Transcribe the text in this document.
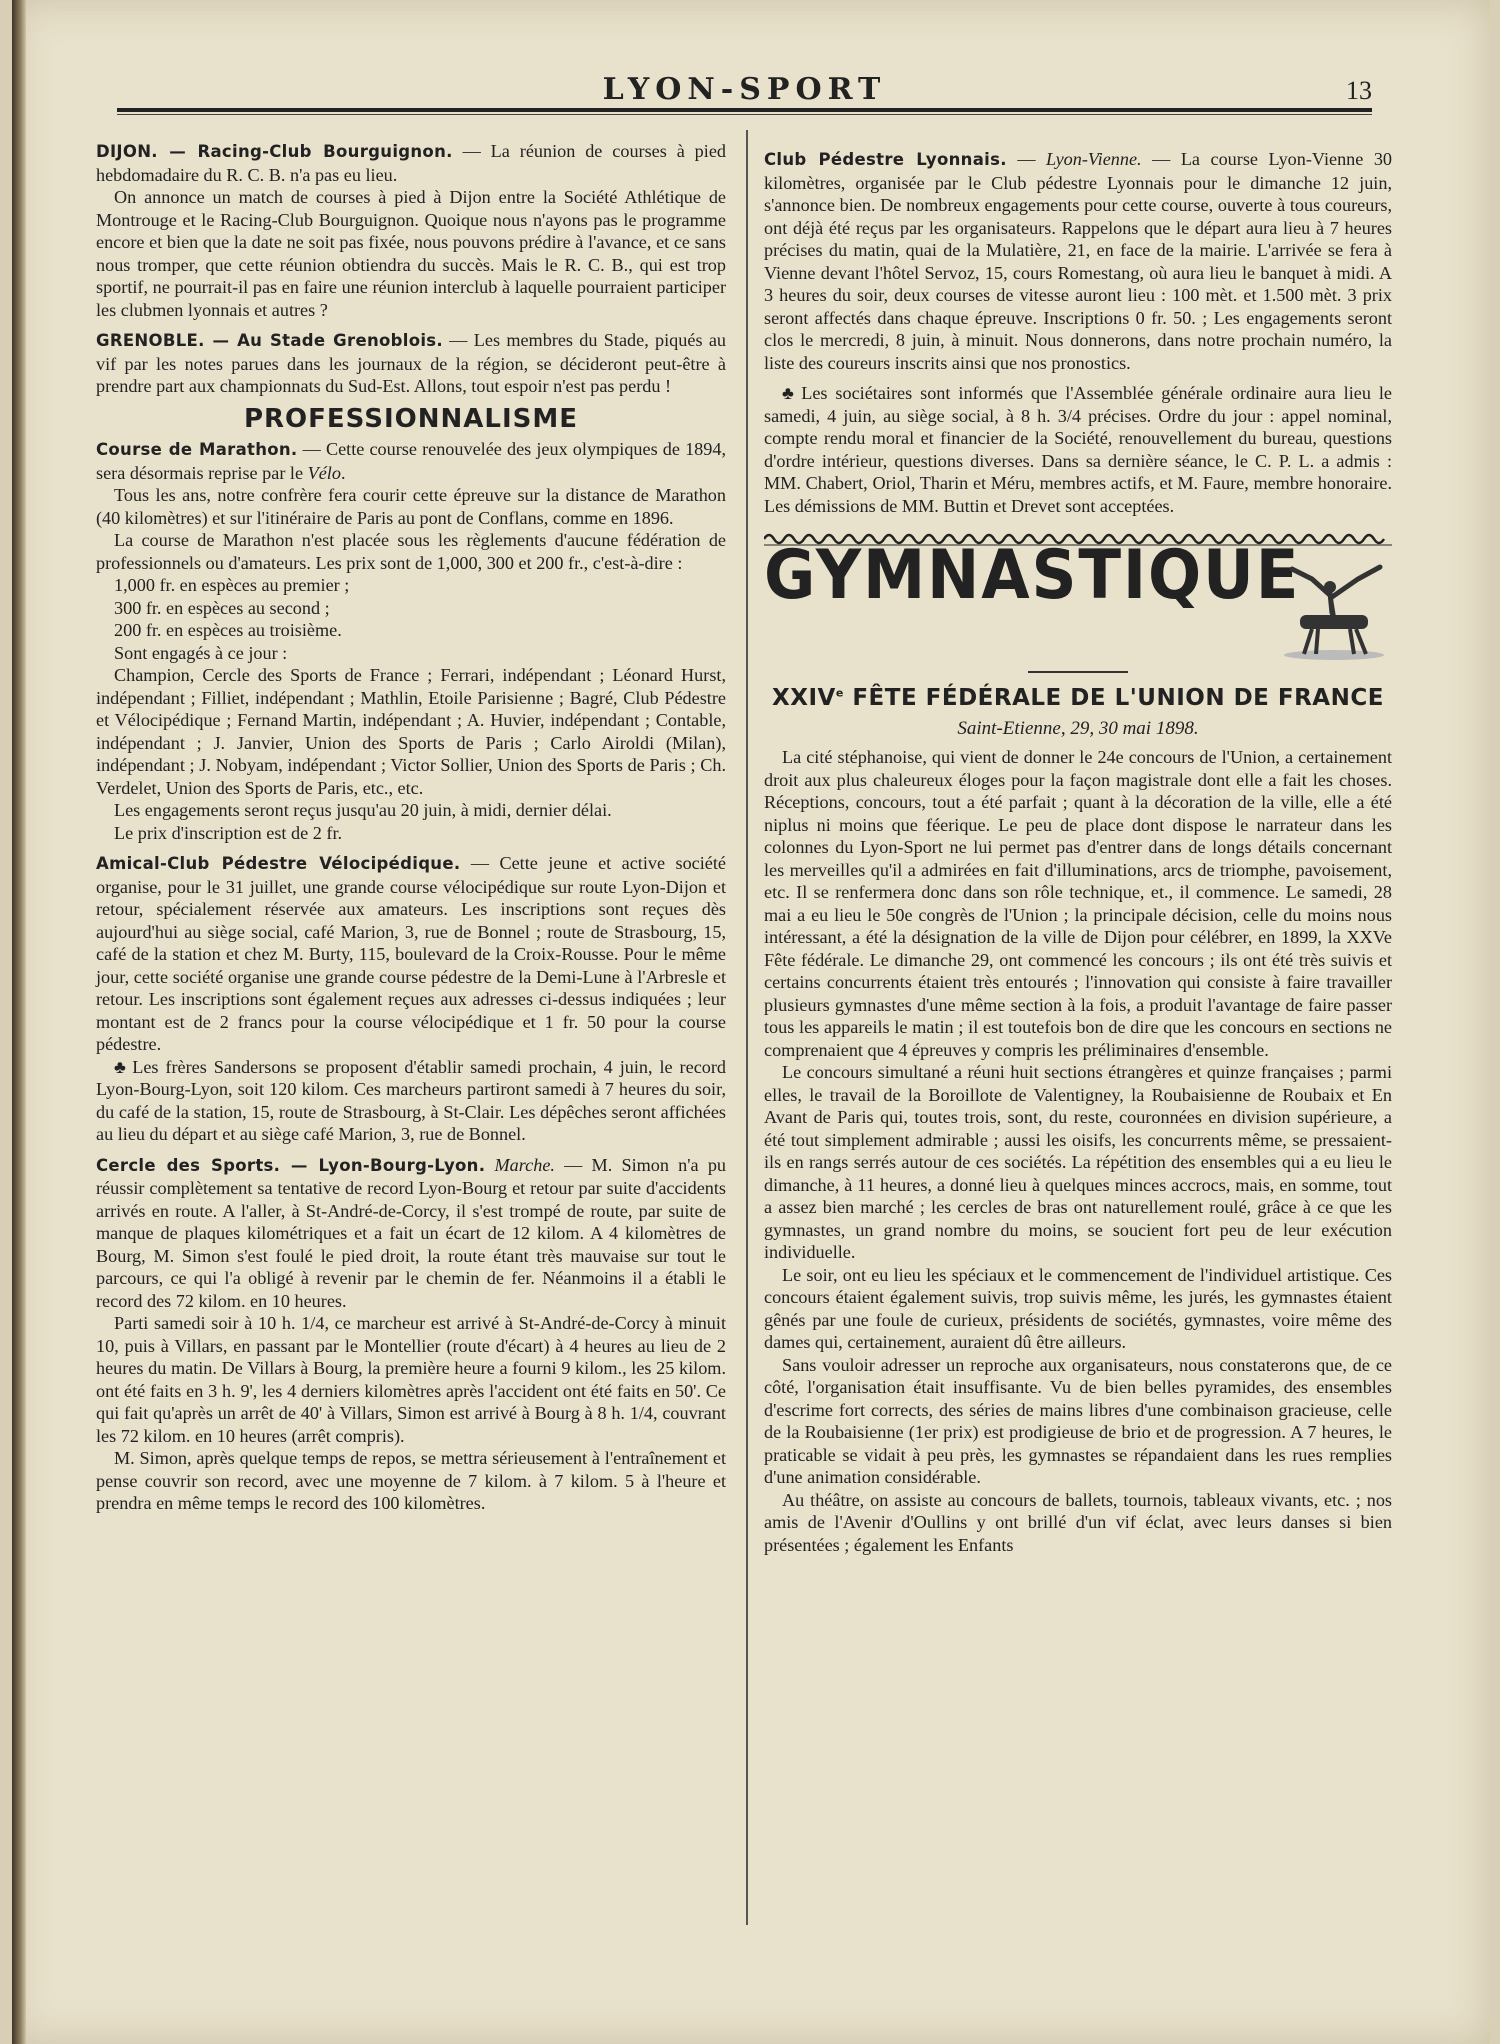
LYON-SPORT	13

DIJON. — Racing-Club Bourguignon. — La réunion de courses à pied hebdomadaire du R. C. B. n'a pas eu lieu.

On annonce un match de courses à pied à Dijon entre la Société Athlétique de Montrouge et le Racing-Club Bourguignon. Quoique nous n'ayons pas le programme encore et bien que la date ne soit pas fixée, nous pouvons prédire à l'avance, et ce sans nous tromper, que cette réunion obtiendra du succès. Mais le R. C. B., qui est trop sportif, ne pourrait-il pas en faire une réunion interclub à laquelle pourraient participer les clubmen lyonnais et autres ?

GRENOBLE. — Au Stade Grenoblois. — Les membres du Stade, piqués au vif par les notes parues dans les journaux de la région, se décideront peut-être à prendre part aux championnats du Sud-Est. Allons, tout espoir n'est pas perdu !

PROFESSIONNALISME

Course de Marathon. — Cette course renouvelée des jeux olympiques de 1894, sera désormais reprise par le Vélo.

Tous les ans, notre confrère fera courir cette épreuve sur la distance de Marathon (40 kilomètres) et sur l'itinéraire de Paris au pont de Conflans, comme en 1896.

La course de Marathon n'est placée sous les règlements d'aucune fédération de professionnels ou d'amateurs. Les prix sont de 1,000, 300 et 200 fr., c'est-à-dire :

1,000 fr. en espèces au premier ;

300 fr. en espèces au second ;

200 fr. en espèces au troisième.

Sont engagés à ce jour :

Champion, Cercle des Sports de France ; Ferrari, indépendant ; Léonard Hurst, indépendant ; Filliet, indépendant ; Mathlin, Etoile Parisienne ; Bagré, Club Pédestre et Vélocipédique ; Fernand Martin, indépendant ; A. Huvier, indépendant ; Contable, indépendant ; J. Janvier, Union des Sports de Paris ; Carlo Airoldi (Milan), indépendant ; J. Nobyam, indépendant ; Victor Sollier, Union des Sports de Paris ; Ch. Verdelet, Union des Sports de Paris, etc., etc.

Les engagements seront reçus jusqu'au 20 juin, à midi, dernier délai.

Le prix d'inscription est de 2 fr.

Amical-Club Pédestre Vélocipédique. — Cette jeune et active société organise, pour le 31 juillet, une grande course vélocipédique sur route Lyon-Dijon et retour, spécialement réservée aux amateurs. Les inscriptions sont reçues dès aujourd'hui au siège social, café Marion, 3, rue de Bonnel ; route de Strasbourg, 15, café de la station et chez M. Burty, 115, boulevard de la Croix-Rousse. Pour le même jour, cette société organise une grande course pédestre de la Demi-Lune à l'Arbresle et retour. Les inscriptions sont également reçues aux adresses ci-dessus indiquées ; leur montant est de 2 francs pour la course vélocipédique et 1 fr. 50 pour la course pédestre.

♣ Les frères Sandersons se proposent d'établir samedi prochain, 4 juin, le record Lyon-Bourg-Lyon, soit 120 kilom. Ces marcheurs partiront samedi à 7 heures du soir, du café de la station, 15, route de Strasbourg, à St-Clair. Les dépêches seront affichées au lieu du départ et au siège café Marion, 3, rue de Bonnel.

Cercle des Sports. — Lyon-Bourg-Lyon. Marche. — M. Simon n'a pu réussir complètement sa tentative de record Lyon-Bourg et retour par suite d'accidents arrivés en route. A l'aller, à St-André-de-Corcy, il s'est trompé de route, par suite de manque de plaques kilométriques et a fait un écart de 12 kilom. A 4 kilomètres de Bourg, M. Simon s'est foulé le pied droit, la route étant très mauvaise sur tout le parcours, ce qui l'a obligé à revenir par le chemin de fer. Néanmoins il a établi le record des 72 kilom. en 10 heures.

Parti samedi soir à 10 h. 1/4, ce marcheur est arrivé à St-André-de-Corcy à minuit 10, puis à Villars, en passant par le Montellier (route d'écart) à 4 heures au lieu de 2 heures du matin. De Villars à Bourg, la première heure a fourni 9 kilom., les 25 kilom. ont été faits en 3 h. 9', les 4 derniers kilomètres après l'accident ont été faits en 50'. Ce qui fait qu'après un arrêt de 40' à Villars, Simon est arrivé à Bourg à 8 h. 1/4, couvrant les 72 kilom. en 10 heures (arrêt compris).

M. Simon, après quelque temps de repos, se mettra sérieusement à l'entraînement et pense couvrir son record, avec une moyenne de 7 kilom. à 7 kilom. 5 à l'heure et prendra en même temps le record des 100 kilomètres.

Club Pédestre Lyonnais. — Lyon-Vienne. — La course Lyon-Vienne 30 kilomètres, organisée par le Club pédestre Lyonnais pour le dimanche 12 juin, s'annonce bien. De nombreux engagements pour cette course, ouverte à tous coureurs, ont déjà été reçus par les organisateurs. Rappelons que le départ aura lieu à 7 heures précises du matin, quai de la Mulatière, 21, en face de la mairie. L'arrivée se fera à Vienne devant l'hôtel Servoz, 15, cours Romestang, où aura lieu le banquet à midi. A 3 heures du soir, deux courses de vitesse auront lieu : 100 mèt. et 1.500 mèt. 3 prix seront affectés dans chaque épreuve. Inscriptions 0 fr. 50. ; Les engagements seront clos le mercredi, 8 juin, à minuit. Nous donnerons, dans notre prochain numéro, la liste des coureurs inscrits ainsi que nos pronostics.

♣ Les sociétaires sont informés que l'Assemblée générale ordinaire aura lieu le samedi, 4 juin, au siège social, à 8 h. 3/4 précises. Ordre du jour : appel nominal, compte rendu moral et financier de la Société, renouvellement du bureau, questions d'ordre intérieur, questions diverses. Dans sa dernière séance, le C. P. L. a admis : MM. Chabert, Oriol, Tharin et Méru, membres actifs, et M. Faure, membre honoraire. Les démissions de MM. Buttin et Drevet sont acceptées.

GYMNASTIQUE
XXIVe FÊTE FÉDÉRALE DE L'UNION DE FRANCE
Saint-Etienne, 29, 30 mai 1898.

La cité stéphanoise, qui vient de donner le 24e concours de l'Union, a certainement droit aux plus chaleureux éloges pour la façon magistrale dont elle a fait les choses. Réceptions, concours, tout a été parfait ; quant à la décoration de la ville, elle a été niplus ni moins que féerique. Le peu de place dont dispose le narrateur dans les colonnes du Lyon-Sport ne lui permet pas d'entrer dans de longs détails concernant les merveilles qu'il a admirées en fait d'illuminations, arcs de triomphe, pavoisement, etc. Il se renfermera donc dans son rôle technique, et., il commence. Le samedi, 28 mai a eu lieu le 50e congrès de l'Union ; la principale décision, celle du moins nous intéressant, a été la désignation de la ville de Dijon pour célébrer, en 1899, la XXVe Fête fédérale. Le dimanche 29, ont commencé les concours ; ils ont été très suivis et certains concurrents étaient très entourés ; l'innovation qui consiste à faire travailler plusieurs gymnastes d'une même section à la fois, a produit l'avantage de faire passer tous les appareils le matin ; il est toutefois bon de dire que les concours en sections ne comprenaient que 4 épreuves y compris les préliminaires d'ensemble.

Le concours simultané a réuni huit sections étrangères et quinze françaises ; parmi elles, le travail de la Boroillote de Valentigney, la Roubaisienne de Roubaix et En Avant de Paris qui, toutes trois, sont, du reste, couronnées en division supérieure, a été tout simplement admirable ; aussi les oisifs, les concurrents même, se pressaient-ils en rangs serrés autour de ces sociétés. La répétition des ensembles qui a eu lieu le dimanche, à 11 heures, a donné lieu à quelques minces accrocs, mais, en somme, tout a assez bien marché ; les cercles de bras ont naturellement roulé, grâce à ce que les gymnastes, un grand nombre du moins, se soucient fort peu de leur exécution individuelle.

Le soir, ont eu lieu les spéciaux et le commencement de l'individuel artistique. Ces concours étaient également suivis, trop suivis même, les jurés, les gymnastes étaient gênés par une foule de curieux, présidents de sociétés, gymnastes, voire même des dames qui, certainement, auraient dû être ailleurs.

Sans vouloir adresser un reproche aux organisateurs, nous constaterons que, de ce côté, l'organisation était insuffisante. Vu de bien belles pyramides, des ensembles d'escrime fort corrects, des séries de mains libres d'une combinaison gracieuse, celle de la Roubaisienne (1er prix) est prodigieuse de brio et de progression. A 7 heures, le praticable se vidait à peu près, les gymnastes se répandaient dans les rues remplies d'une animation considérable.

Au théâtre, on assiste au concours de ballets, tournois, tableaux vivants, etc. ; nos amis de l'Avenir d'Oullins y ont brillé d'un vif éclat, avec leurs danses si bien présentées ; également les Enfants
